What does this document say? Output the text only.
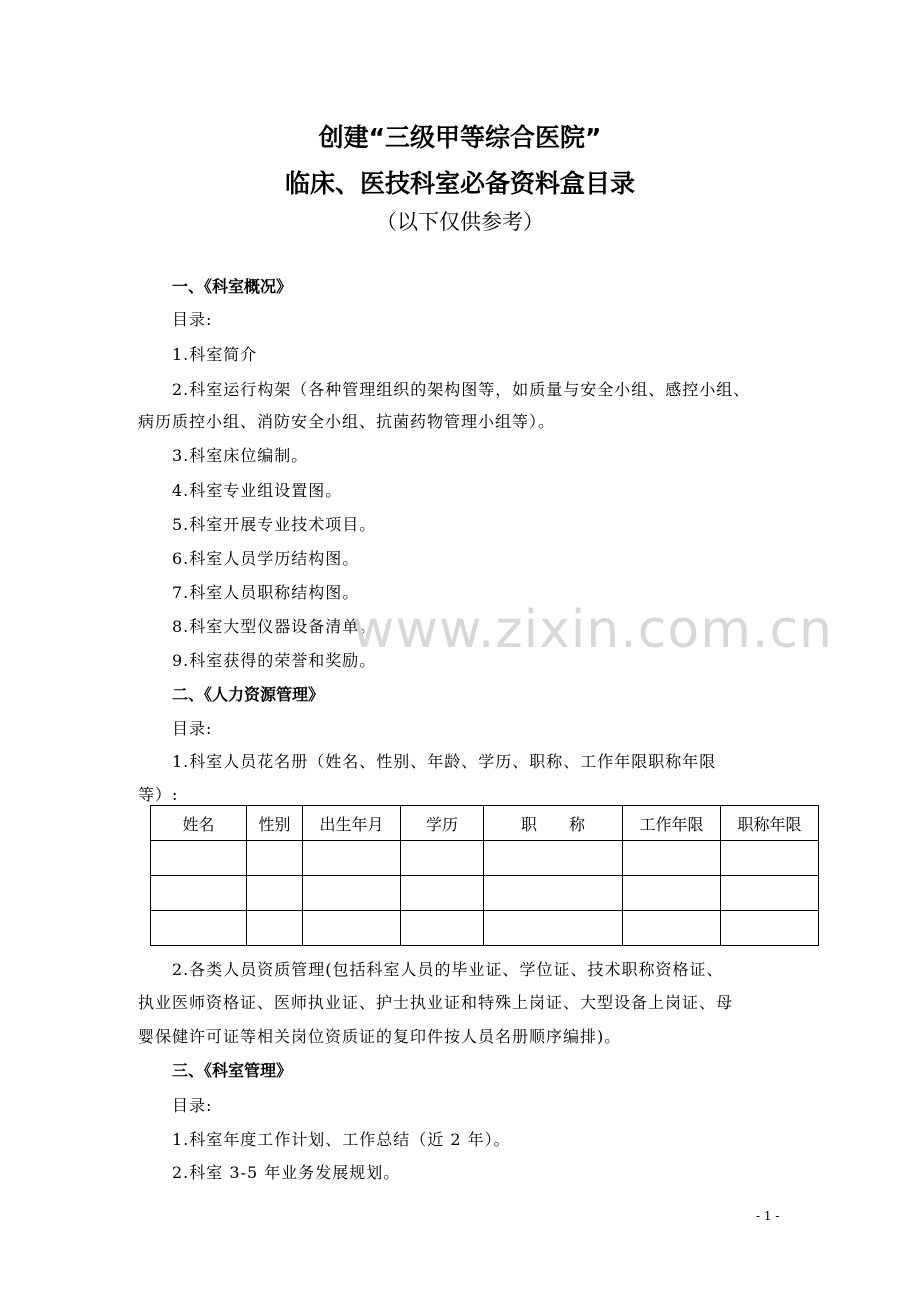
创建“三级甲等综合医院”
临床、医技科室必备资料盒目录
（以下仅供参考）
一、《科室概况》
目录:
1.科室简介
2.科室运行构架（各种管理组织的架构图等，如质量与安全小组、感控小组、
病历质控小组、消防安全小组、抗菌药物管理小组等）。
3.科室床位编制。
4.科室专业组设置图。
5.科室开展专业技术项目。
6.科室人员学历结构图。
7.科室人员职称结构图。
8.科室大型仪器设备清单。
9.科室获得的荣誉和奖励。
二、《人力资源管理》
目录:
1.科室人员花名册（姓名、性别、年龄、学历、职称、工作年限职称年限
等）:
姓名	性别	出生年月	学历	职　　称	工作年限	职称年限

2.各类人员资质管理(包括科室人员的毕业证、学位证、技术职称资格证、
执业医师资格证、医师执业证、护士执业证和特殊上岗证、大型设备上岗证、母
婴保健许可证等相关岗位资质证的复印件按人员名册顺序编排)。
三、《科室管理》
目录:
1.科室年度工作计划、工作总结（近 2 年）。
2.科室 3-5 年业务发展规划。
www.zixin.com.cn
- 1 -
